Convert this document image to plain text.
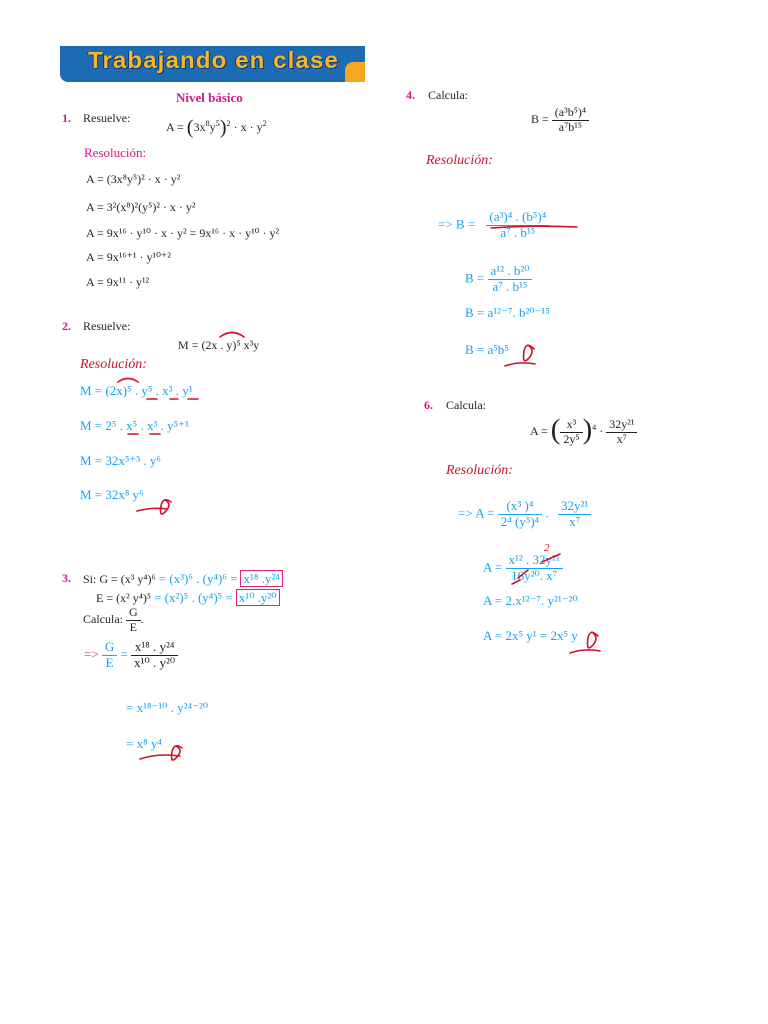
Trabajando en clase
Nivel básico
1. Resuelve:
$A = (3x^8y^5)^2 \cdot x \cdot y^2$
Resolución:
A = (3x⁸y⁵)² · x · y²
A = 3²(x⁸)²(y⁵)² · x · y²
A = 9x¹⁶ · y¹⁰ · x · y² = 9x¹⁶ · x · y¹⁰ · y²
A = 9x¹⁶⁺¹ · y¹⁰⁺²
A = 9x¹¹ · y¹²
2. Resuelve:
M = (2x . y)⁵ x³y
Resolución:
M = (2x)⁵ . y⁵ . x³ . y¹
M = 2⁵ . x⁵ . x³ . y⁵⁺¹
M = 32x⁵⁺³ . y⁶
M = 32x⁸ y⁶
3. Si: G = (x³ y⁴)⁶ = (x³)⁶ . (y⁴)⁶ = x¹⁸ .y²⁴
E = (x² y⁴)⁵ = (x²)⁵ . (y⁴)⁵ = x¹⁰ .y²⁰
Calcula: $\frac{G}{E}$ .
=> $\frac{G}{E} = \frac{\text{x¹⁸ . y²⁴}}{\text{x¹⁰ . y²⁰}}$
= x¹⁸⁻¹⁰ . y²⁴⁻²⁰
= x⁸ y⁴
4. Calcula:
$B = \frac{\text{(a³b⁵)⁴}}{\text{a⁷b¹⁵}}$
Resolución:
=> $B = \frac{\text{(a³)⁴ . (b⁵)⁴}}{\text{a⁷ . b¹⁵}}$
$B = \frac{\text{a¹² . b²⁰}}{\text{a⁷ . b¹⁵}}$
B = a¹²⁻⁷. b²⁰⁻¹⁵
B = a⁵b⁵
6. Calcula:
A = ( $\frac{\text{x³}}{\text{2y⁵}} )^4 \cdot \frac{\text{32y²¹}}{\text{x⁷}}$
Resolución:
=> $A = \frac{\text{(x³ )⁴}}{\text{2⁴ (y⁵)⁴}}$ . $\frac{\text{32y²¹}}{\text{x⁷}}$
$A = \frac{\text{x¹² . 32y²¹}}{\text{16y²⁰. x⁷}}$
2
A = 2.x¹²⁻⁷. y²¹⁻²⁰
A = 2x⁵ y¹ = 2x⁵ y
